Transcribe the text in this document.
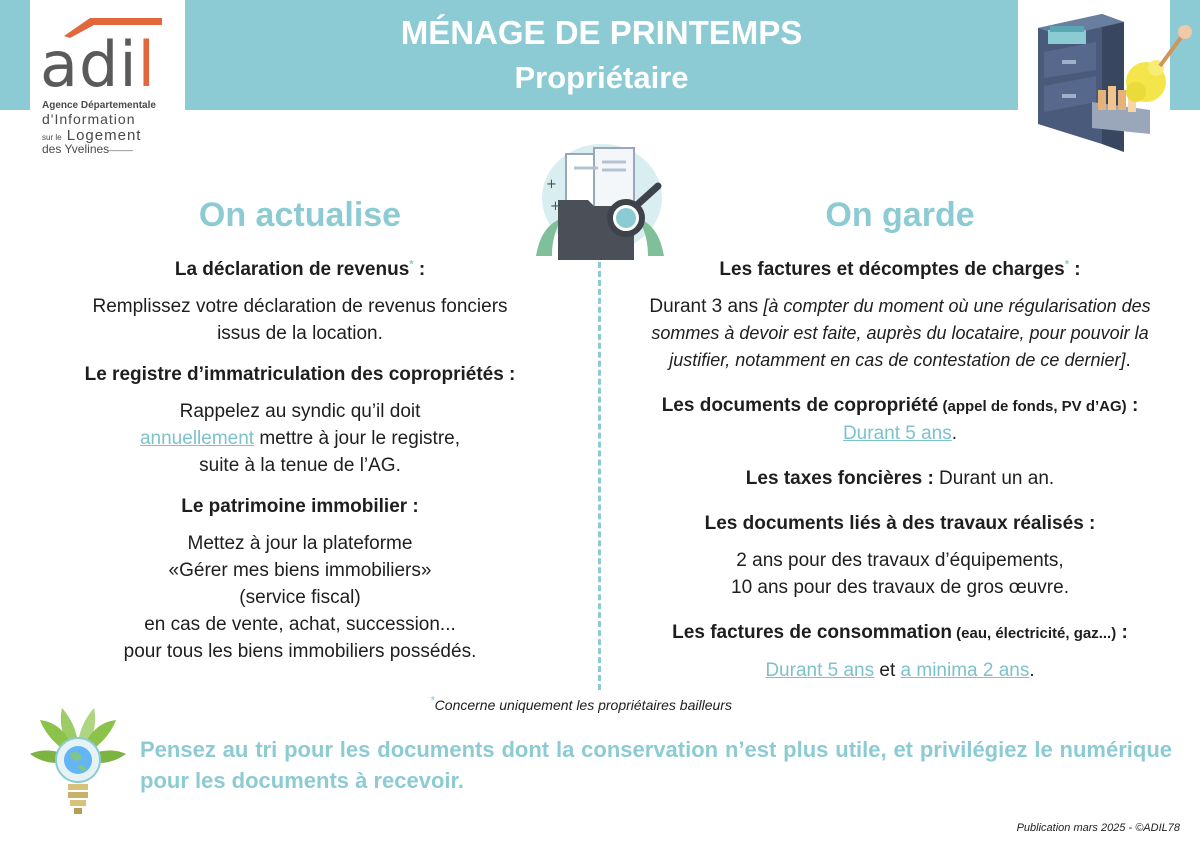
MÉNAGE DE PRINTEMPS
Propriétaire
adil
Agence Départementale
d'Information
sur le Logement
des Yvelines———
+
+
+
On actualise	On garde
La déclaration de revenus* :
Remplissez votre déclaration de revenus fonciers
issus de la location.
Le registre d’immatriculation des copropriétés :
Rappelez au syndic qu’il doit
annuellement mettre à jour le registre,
suite à la tenue de l’AG.
Le patrimoine immobilier :
Mettez à jour la plateforme
«Gérer mes biens immobiliers»
(service fiscal)
en cas de vente, achat, succession...
pour tous les biens immobiliers possédés.
Les factures et décomptes de charges* :
Durant 3 ans [à compter du moment où une régularisation des
sommes à devoir est faite, auprès du locataire, pour pouvoir la
justifier, notamment en cas de contestation de ce dernier].
Les documents de copropriété (appel de fonds, PV d’AG) :
Durant 5 ans.
Les taxes foncières : Durant un an.
Les documents liés à des travaux réalisés :
2 ans pour des travaux d’équipements,
10 ans pour des travaux de gros œuvre.
Les factures de consommation (eau, électricité, gaz...) :
Durant 5 ans et a minima 2 ans.
*Concerne uniquement les propriétaires bailleurs
Pensez au tri pour les documents dont la conservation n’est plus utile, et privilégiez le numérique pour les documents à recevoir.
Publication mars 2025 - ©ADIL78
